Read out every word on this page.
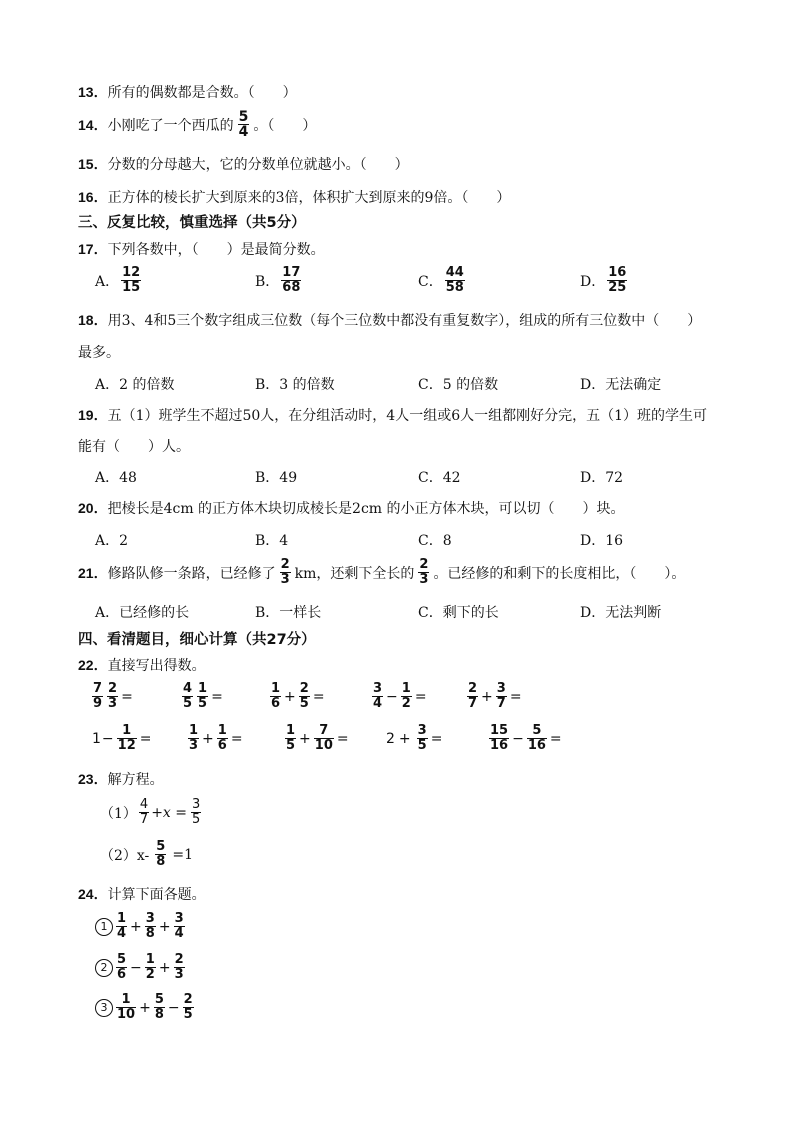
13． 所有的偶数都是合数。（　　）
14． 小刚吃了一个西瓜的 $\frac{5}{4}$ 。（　　）
15． 分数的分母越大，它的分数单位就越小。（　　）
16． 正方体的棱长扩大到原来的3倍，体积扩大到原来的9倍。（　　）
三、反复比较，慎重选择（共5分）
17． 下列各数中，（　　）是最简分数。
A． $\frac{12}{15}$	B． $\frac{17}{68}$	C． $\frac{44}{58}$	D． $\frac{16}{25}$
18． 用3、4和5三个数字组成三位数（每个三位数中都没有重复数字），组成的所有三位数中（　　）
最多。
A．2 的倍数	B．3 的倍数	C．5 的倍数	D．无法确定
19． 五（1）班学生不超过50人，在分组活动时，4人一组或6人一组都刚好分完，五（1）班的学生可
能有（　　）人。
A．48	B．49	C．42	D．72
20． 把棱长是4cm 的正方体木块切成棱长是2cm 的小正方体木块，可以切（　　）块。
A．2	B．4	C．8	D．16
21． 修路队修一条路，已经修了 $\frac{2}{3}$ km，还剩下全长的 $\frac{2}{3}$ 。已经修的和剩下的长度相比，（　　）。
A．已经修的长	B．一样长	C．剩下的长	D．无法判断
四、看清题目，细心计算（共27分）
22． 直接写出得数。
$\frac{7}{9} \frac{2}{3}$ =	$\frac{4}{5} \frac{1}{5}$ =	$\frac{1}{6} + \frac{2}{5}$ =	$\frac{3}{4} - \frac{1}{2}$ =	$\frac{2}{7} + \frac{3}{7}$ =
$1 - \frac{1}{12}$ =	$\frac{1}{3} + \frac{1}{6}$ =	$\frac{1}{5} + \frac{7}{10}$ =	$2 + \frac{3}{5}$ =	$\frac{15}{16} - \frac{5}{16}$ =
23． 解方程。
$(1) \frac{4}{7} +x = \frac{3}{5}$
$(2)x- \frac{5}{8} =1$
24． 计算下面各题。
$1 \frac{1}{4} + \frac{3}{8} + \frac{3}{4}$
$2 \frac{5}{6} - \frac{1}{2} + \frac{2}{3}$
$3 \frac{1}{10} + \frac{5}{8} - \frac{2}{5}$
